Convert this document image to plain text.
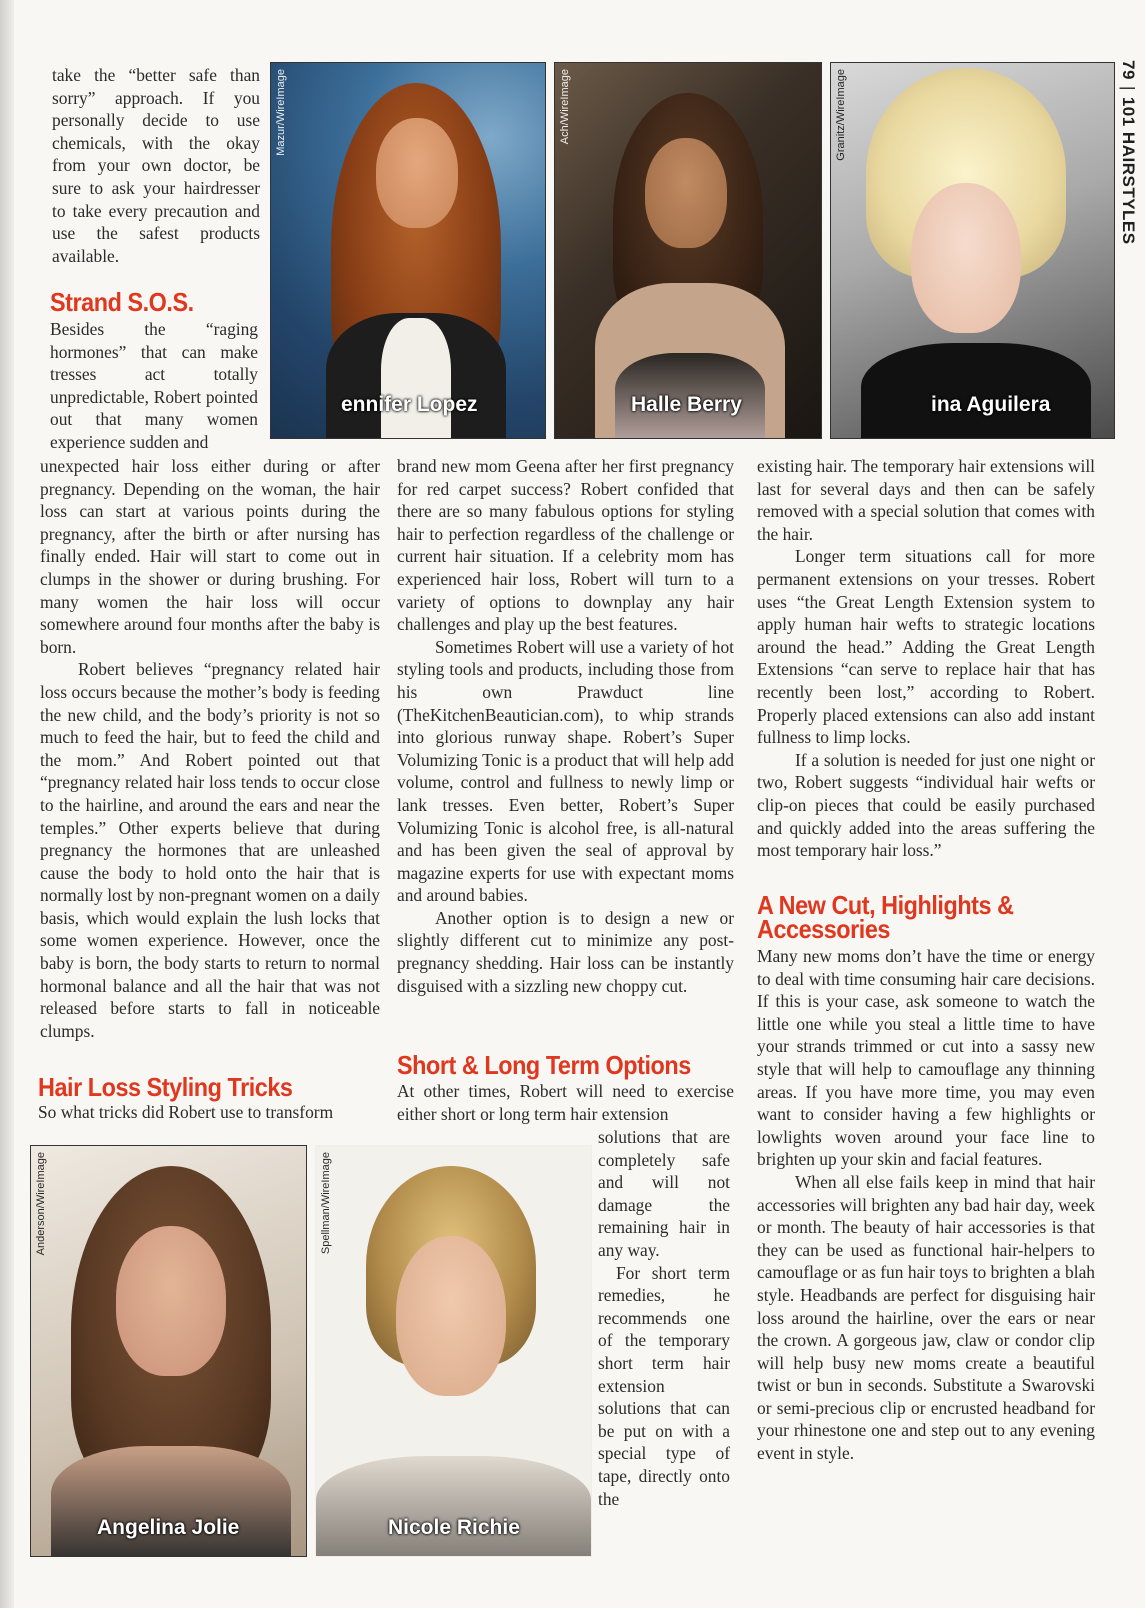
79|101 HAIRSTYLES
Mazur/WireImage
ennifer Lopez
Ach/WireImage
Halle Berry
Granitz/WireImage
ina Aguilera
Anderson/WireImage
Angelina Jolie
Spellman/WireImage
Nicole Richie

take the “better safe than sorry” approach. If you personally decide to use chemicals, with the okay from your own doctor, be sure to ask your hairdresser to take every precaution and use the safest products available.

Strand S.O.S.

Besides the “raging hormones” that can make tresses act totally unpredictable, Robert pointed out that many women experience sudden and

unexpected hair loss either during or after pregnancy. Depending on the woman, the hair loss can start at various points during the pregnancy, after the birth or after nursing has finally ended. Hair will start to come out in clumps in the shower or during brushing. For many women the hair loss will occur somewhere around four months after the baby is born.

Robert believes “pregnancy related hair loss occurs because the mother’s body is feeding the new child, and the body’s priority is not so much to feed the hair, but to feed the child and the mom.” And Robert pointed out that “pregnancy related hair loss tends to occur close to the hairline, and around the ears and near the temples.” Other experts believe that during pregnancy the hormones that are unleashed cause the body to hold onto the hair that is normally lost by non-pregnant women on a daily basis, which would explain the lush locks that some women experience. However, once the baby is born, the body starts to return to normal hormonal balance and all the hair that was not released before starts to fall in noticeable clumps.

Hair Loss Styling Tricks

So what tricks did Robert use to transform

brand new mom Geena after her first pregnancy for red carpet success? Robert confided that there are so many fabulous options for styling hair to perfection regardless of the challenge or current hair situation. If a celebrity mom has experienced hair loss, Robert will turn to a variety of options to downplay any hair challenges and play up the best features.

Sometimes Robert will use a variety of hot styling tools and products, including those from his own Prawduct line (TheKitchenBeautician.com), to whip strands into glorious runway shape. Robert’s Super Volumizing Tonic is a product that will help add volume, control and fullness to newly limp or lank tresses. Even better, Robert’s Super Volumizing Tonic is alcohol free, is all-natural and has been given the seal of approval by magazine experts for use with expectant moms and around babies.

Another option is to design a new or slightly different cut to minimize any post-pregnancy shedding. Hair loss can be instantly disguised with a sizzling new choppy cut.

Short & Long Term Options

At other times, Robert will need to exercise either short or long term hair extension

solutions that are completely safe and will not damage the remaining hair in any way.

For short term remedies, he recommends one of the temporary short term hair extension solutions that can be put on with a special type of tape, directly onto the

existing hair. The temporary hair extensions will last for several days and then can be safely removed with a special solution that comes with the hair.

Longer term situations call for more permanent extensions on your tresses. Robert uses “the Great Length Extension system to apply human hair wefts to strategic locations around the head.” Adding the Great Length Extensions “can serve to replace hair that has recently been lost,” according to Robert. Properly placed extensions can also add instant fullness to limp locks.

If a solution is needed for just one night or two, Robert suggests “individual hair wefts or clip-on pieces that could be easily purchased and quickly added into the areas suffering the most temporary hair loss.”

A New Cut, Highlights & Accessories

Many new moms don’t have the time or energy to deal with time consuming hair care decisions. If this is your case, ask someone to watch the little one while you steal a little time to have your strands trimmed or cut into a sassy new style that will help to camouflage any thinning areas. If you have more time, you may even want to consider having a few highlights or lowlights woven around your face line to brighten up your skin and facial features.

When all else fails keep in mind that hair accessories will brighten any bad hair day, week or month. The beauty of hair accessories is that they can be used as functional hair-helpers to camouflage or as fun hair toys to brighten a blah style. Headbands are perfect for disguising hair loss around the hairline, over the ears or near the crown. A gorgeous jaw, claw or condor clip will help busy new moms create a beautiful twist or bun in seconds. Substitute a Swarovski or semi-precious clip or encrusted headband for your rhinestone one and step out to any evening event in style.
